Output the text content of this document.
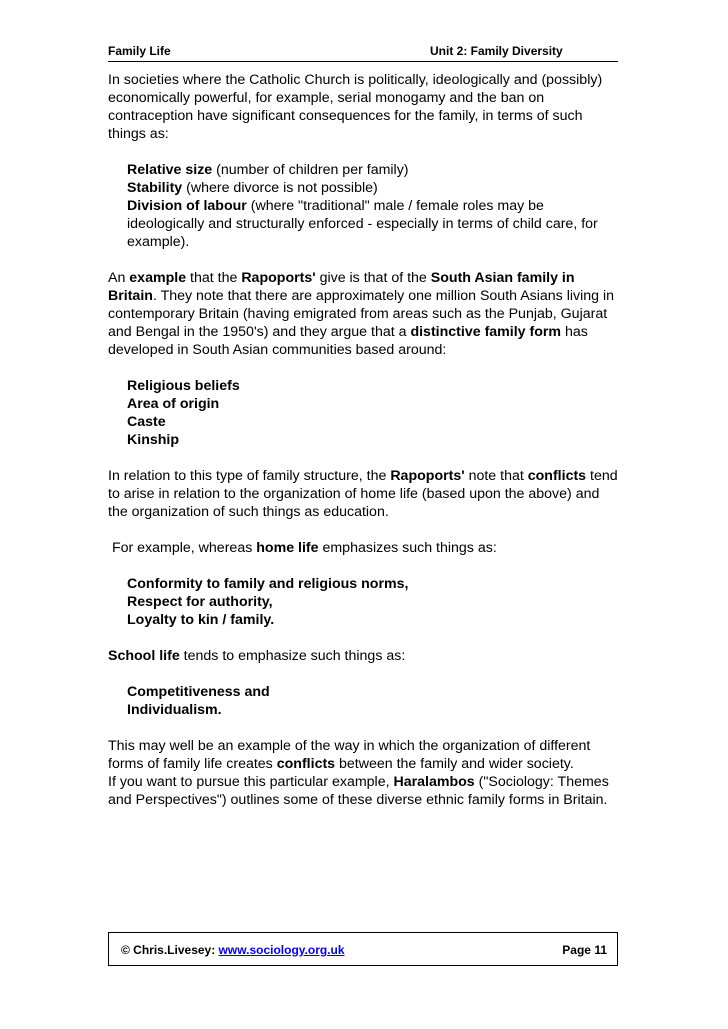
Family Life	Unit 2: Family Diversity

In societies where the Catholic Church is politically, ideologically and (possibly) economically powerful, for example, serial monogamy and the ban on contraception have significant consequences for the family, in terms of such things as:

Relative size (number of children per family)

Stability (where divorce is not possible)

Division of labour (where "traditional" male / female roles may be ideologically and structurally enforced - especially in terms of child care, for example).

An example that the Rapoports' give is that of the South Asian family in Britain. They note that there are approximately one million South Asians living in contemporary Britain (having emigrated from areas such as the Punjab, Gujarat and Bengal in the 1950's) and they argue that a distinctive family form has developed in South Asian communities based around:

Religious beliefs

Area of origin

Caste

Kinship

In relation to this type of family structure, the Rapoports' note that conflicts tend to arise in relation to the organization of home life (based upon the above) and the organization of such things as education.

For example, whereas home life emphasizes such things as:

Conformity to family and religious norms,

Respect for authority,

Loyalty to kin / family.

School life tends to emphasize such things as:

Competitiveness and

Individualism.

This may well be an example of the way in which the organization of different forms of family life creates conflicts between the family and wider society.

If you want to pursue this particular example, Haralambos ("Sociology: Themes and Perspectives") outlines some of these diverse ethnic family forms in Britain.

© Chris.Livesey: www.sociology.org.uk	Page 11
